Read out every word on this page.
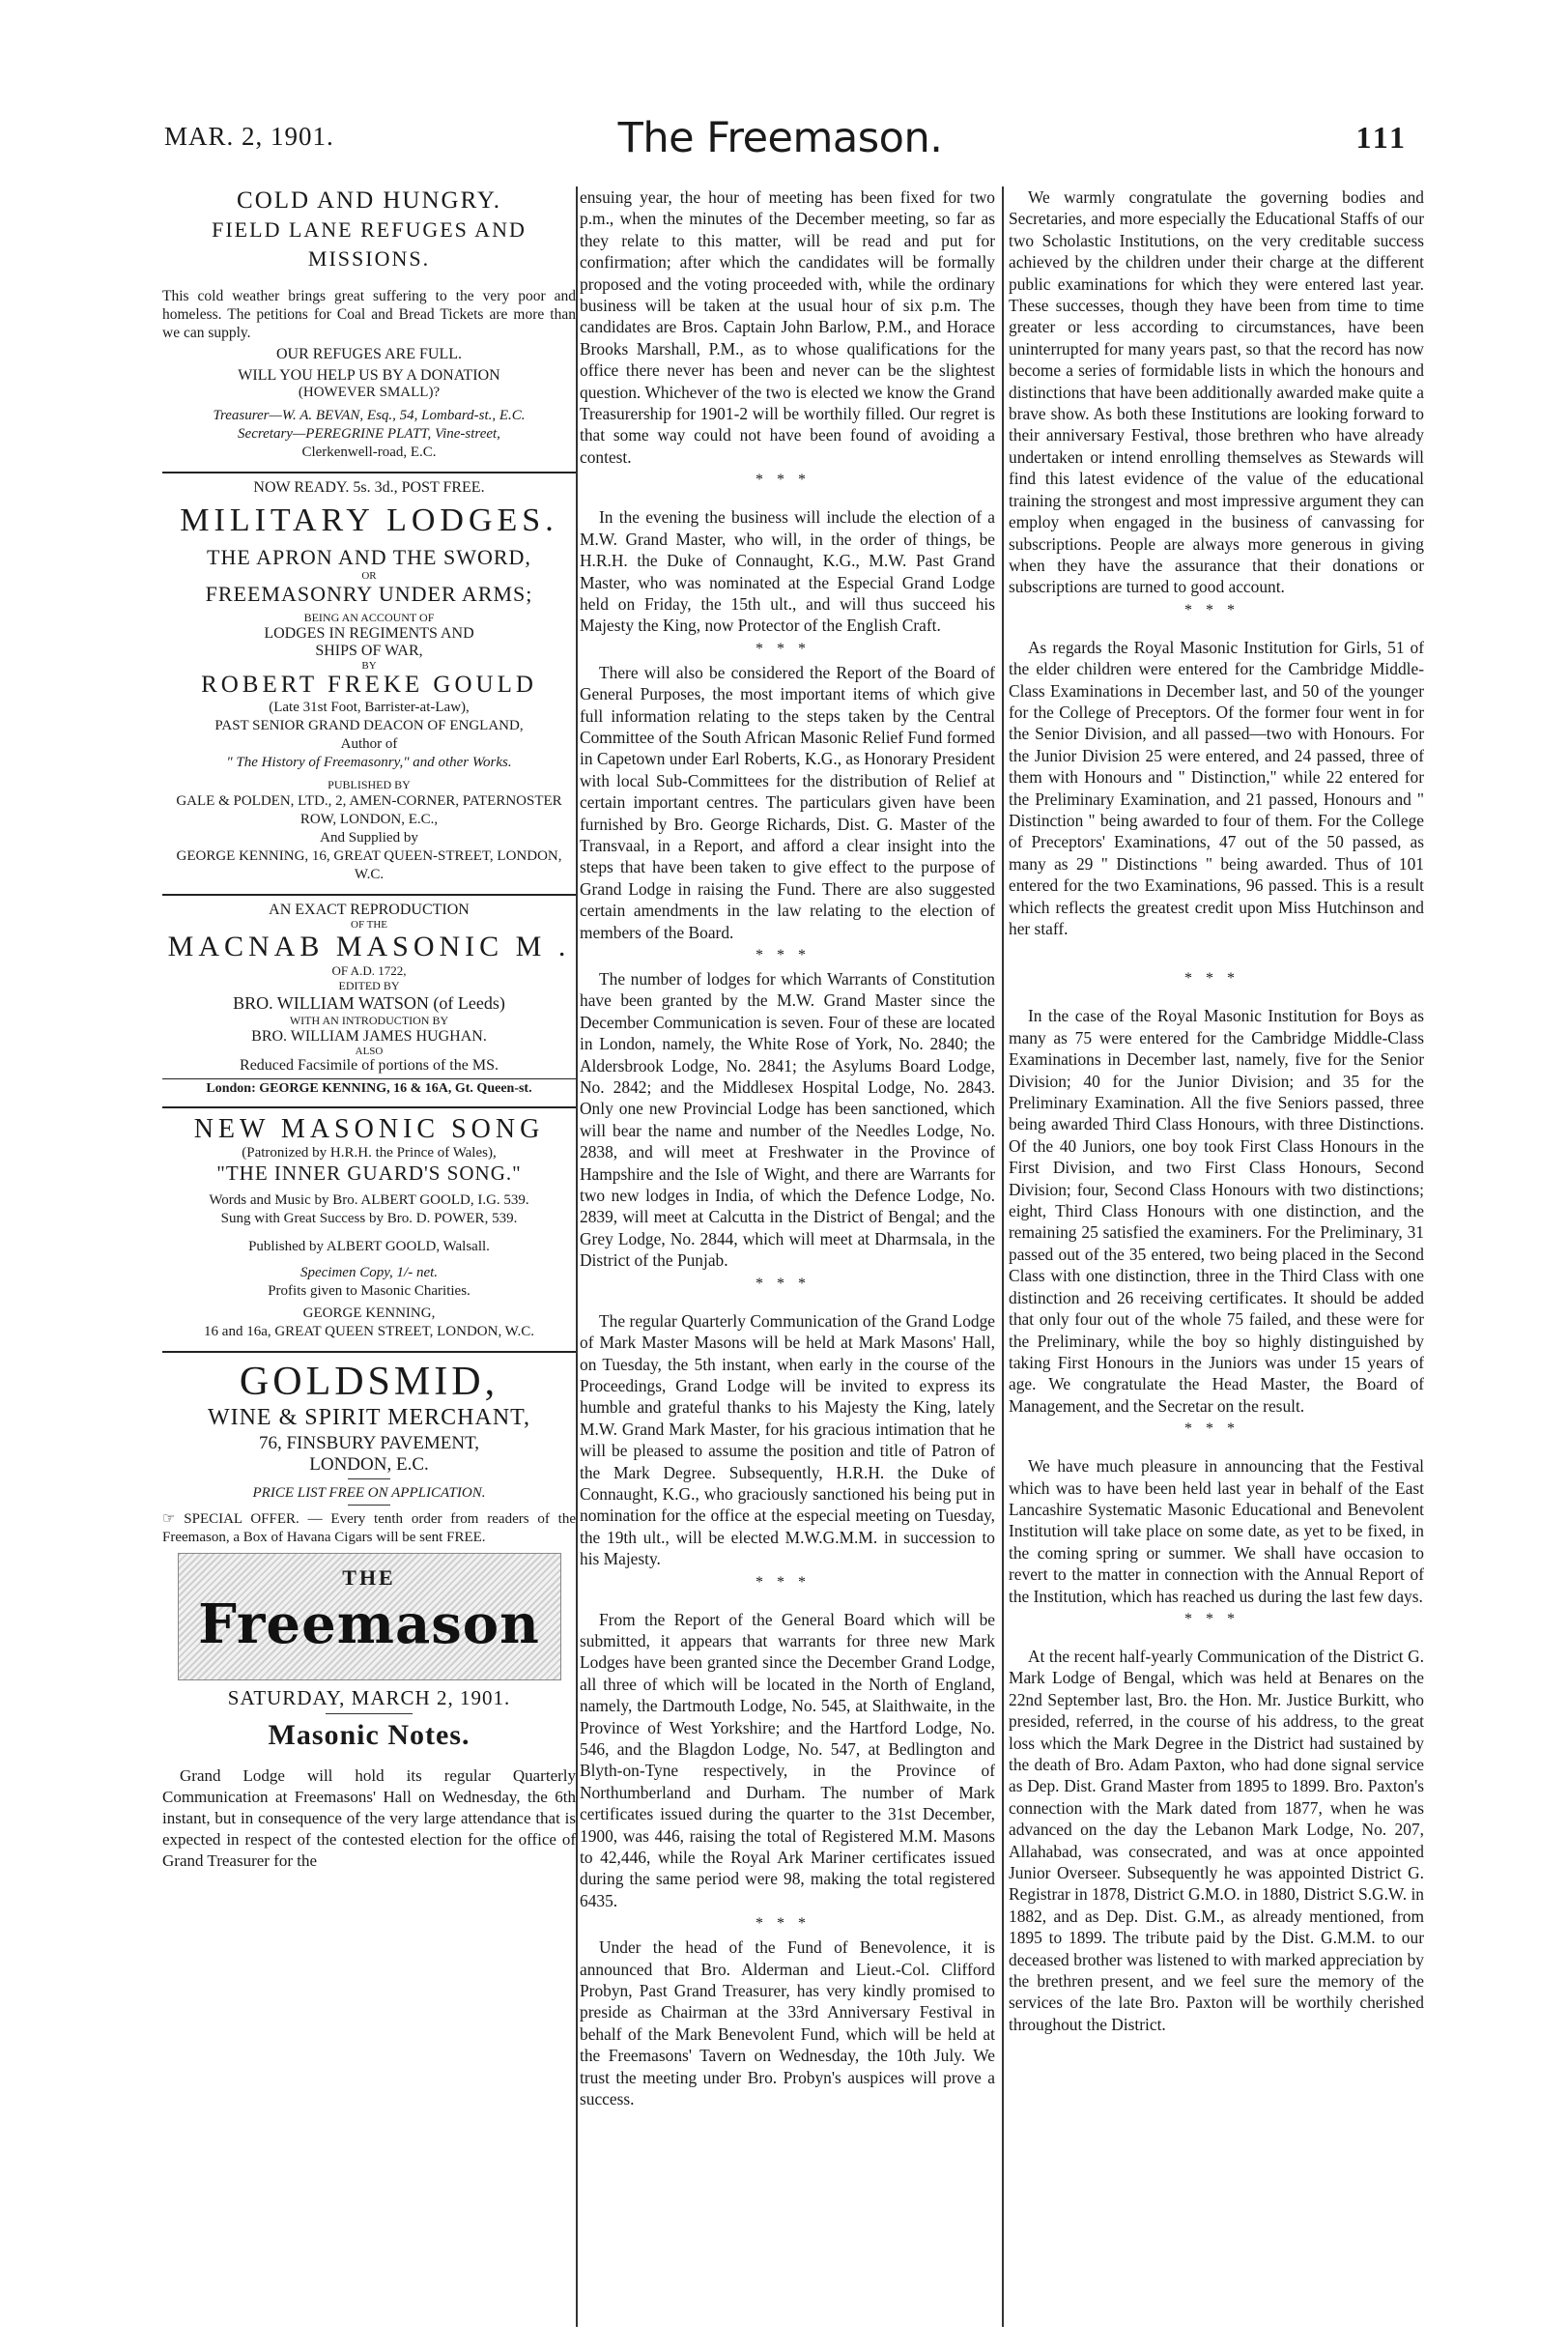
MAR. 2, 1901.	The Freemason.	111
COLD AND HUNGRY.
FIELD LANE REFUGES AND MISSIONS.

This cold weather brings great suffering to the very poor and homeless. The petitions for Coal and Bread Tickets are more than we can supply.

OUR REFUGES ARE FULL.
WILL YOU HELP US BY A DONATION
(HOWEVER SMALL)?
Treasurer—W. A. BEVAN, Esq., 54, Lombard-st., E.C.
Secretary—PEREGRINE PLATT, Vine-street,
Clerkenwell-road, E.C.
NOW READY. 5s. 3d., POST FREE.
MILITARY LODGES.
THE APRON AND THE SWORD,
OR
FREEMASONRY UNDER ARMS;
BEING AN ACCOUNT OF
LODGES IN REGIMENTS AND
SHIPS OF WAR,
BY
ROBERT FREKE GOULD
(Late 31st Foot, Barrister-at-Law),
PAST SENIOR GRAND DEACON OF ENGLAND,
Author of
" The History of Freemasonry," and other Works.
PUBLISHED BY
GALE & POLDEN, LTD., 2, AMEN-CORNER, PATERNOSTER ROW, LONDON, E.C.,
And Supplied by
GEORGE KENNING, 16, GREAT QUEEN-STREET, LONDON, W.C.
AN EXACT REPRODUCTION
OF THE
MACNAB MASONIC M .
OF A.D. 1722,
EDITED BY
BRO. WILLIAM WATSON (of Leeds)
WITH AN INTRODUCTION BY
BRO. WILLIAM JAMES HUGHAN.
ALSO
Reduced Facsimile of portions of the MS.
London: GEORGE KENNING, 16 & 16A, Gt. Queen-st.
NEW MASONIC SONG
(Patronized by H.R.H. the Prince of Wales),
"THE INNER GUARD'S SONG."
Words and Music by Bro. ALBERT GOOLD, I.G. 539.
Sung with Great Success by Bro. D. POWER, 539.
Published by ALBERT GOOLD, Walsall.
Specimen Copy, 1/- net.
Profits given to Masonic Charities.
GEORGE KENNING,
16 and 16a, GREAT QUEEN STREET, LONDON, W.C.
GOLDSMID,
WINE & SPIRIT MERCHANT,
76, FINSBURY PAVEMENT,
LONDON, E.C.
PRICE LIST FREE ON APPLICATION.
☞ SPECIAL OFFER. — Every tenth order from readers of the Freemason, a Box of Havana Cigars will be sent FREE.
THE
Freemason
SATURDAY, MARCH 2, 1901.
Masonic Notes.

Grand Lodge will hold its regular Quarterly Communication at Freemasons' Hall on Wednesday, the 6th instant, but in consequence of the very large attendance that is expected in respect of the contested election for the office of Grand Treasurer for the

ensuing year, the hour of meeting has been fixed for two p.m., when the minutes of the December meeting, so far as they relate to this matter, will be read and put for confirmation; after which the candidates will be formally proposed and the voting proceeded with, while the ordinary business will be taken at the usual hour of six p.m. The candidates are Bros. Captain John Barlow, P.M., and Horace Brooks Marshall, P.M., as to whose qualifications for the office there never has been and never can be the slightest question. Whichever of the two is elected we know the Grand Treasurership for 1901-2 will be worthily filled. Our regret is that some way could not have been found of avoiding a contest.

***

In the evening the business will include the election of a M.W. Grand Master, who will, in the order of things, be H.R.H. the Duke of Connaught, K.G., M.W. Past Grand Master, who was nominated at the Especial Grand Lodge held on Friday, the 15th ult., and will thus succeed his Majesty the King, now Protector of the English Craft.

***

There will also be considered the Report of the Board of General Purposes, the most important items of which give full information relating to the steps taken by the Central Committee of the South African Masonic Relief Fund formed in Capetown under Earl Roberts, K.G., as Honorary President with local Sub-Committees for the distribution of Relief at certain important centres. The particulars given have been furnished by Bro. George Richards, Dist. G. Master of the Transvaal, in a Report, and afford a clear insight into the steps that have been taken to give effect to the purpose of Grand Lodge in raising the Fund. There are also suggested certain amendments in the law relating to the election of members of the Board.

***

The number of lodges for which Warrants of Constitution have been granted by the M.W. Grand Master since the December Communication is seven. Four of these are located in London, namely, the White Rose of York, No. 2840; the Aldersbrook Lodge, No. 2841; the Asylums Board Lodge, No. 2842; and the Middlesex Hospital Lodge, No. 2843. Only one new Provincial Lodge has been sanctioned, which will bear the name and number of the Needles Lodge, No. 2838, and will meet at Freshwater in the Province of Hampshire and the Isle of Wight, and there are Warrants for two new lodges in India, of which the Defence Lodge, No. 2839, will meet at Calcutta in the District of Bengal; and the Grey Lodge, No. 2844, which will meet at Dharmsala, in the District of the Punjab.

***

The regular Quarterly Communication of the Grand Lodge of Mark Master Masons will be held at Mark Masons' Hall, on Tuesday, the 5th instant, when early in the course of the Proceedings, Grand Lodge will be invited to express its humble and grateful thanks to his Majesty the King, lately M.W. Grand Mark Master, for his gracious intimation that he will be pleased to assume the position and title of Patron of the Mark Degree. Subsequently, H.R.H. the Duke of Connaught, K.G., who graciously sanctioned his being put in nomination for the office at the especial meeting on Tuesday, the 19th ult., will be elected M.W.G.M.M. in succession to his Majesty.

***

From the Report of the General Board which will be submitted, it appears that warrants for three new Mark Lodges have been granted since the December Grand Lodge, all three of which will be located in the North of England, namely, the Dartmouth Lodge, No. 545, at Slaithwaite, in the Province of West Yorkshire; and the Hartford Lodge, No. 546, and the Blagdon Lodge, No. 547, at Bedlington and Blyth-on-Tyne respectively, in the Province of Northumberland and Durham. The number of Mark certificates issued during the quarter to the 31st December, 1900, was 446, raising the total of Registered M.M. Masons to 42,446, while the Royal Ark Mariner certificates issued during the same period were 98, making the total registered 6435.

***

Under the head of the Fund of Benevolence, it is announced that Bro. Alderman and Lieut.-Col. Clifford Probyn, Past Grand Treasurer, has very kindly promised to preside as Chairman at the 33rd Anniversary Festival in behalf of the Mark Benevolent Fund, which will be held at the Freemasons' Tavern on Wednesday, the 10th July. We trust the meeting under Bro. Probyn's auspices will prove a success.

We warmly congratulate the governing bodies and Secretaries, and more especially the Educational Staffs of our two Scholastic Institutions, on the very creditable success achieved by the children under their charge at the different public examinations for which they were entered last year. These successes, though they have been from time to time greater or less according to circumstances, have been uninterrupted for many years past, so that the record has now become a series of formidable lists in which the honours and distinctions that have been additionally awarded make quite a brave show. As both these Institutions are looking forward to their anniversary Festival, those brethren who have already undertaken or intend enrolling themselves as Stewards will find this latest evidence of the value of the educational training the strongest and most impressive argument they can employ when engaged in the business of canvassing for subscriptions. People are always more generous in giving when they have the assurance that their donations or subscriptions are turned to good account.

***

As regards the Royal Masonic Institution for Girls, 51 of the elder children were entered for the Cambridge Middle-Class Examinations in December last, and 50 of the younger for the College of Preceptors. Of the former four went in for the Senior Division, and all passed—two with Honours. For the Junior Division 25 were entered, and 24 passed, three of them with Honours and " Distinction," while 22 entered for the Preliminary Examination, and 21 passed, Honours and " Distinction " being awarded to four of them. For the College of Preceptors' Examinations, 47 out of the 50 passed, as many as 29 " Distinctions " being awarded. Thus of 101 entered for the two Examinations, 96 passed. This is a result which reflects the greatest credit upon Miss Hutchinson and her staff.

***

In the case of the Royal Masonic Institution for Boys as many as 75 were entered for the Cambridge Middle-Class Examinations in December last, namely, five for the Senior Division; 40 for the Junior Division; and 35 for the Preliminary Examination. All the five Seniors passed, three being awarded Third Class Honours, with three Distinctions. Of the 40 Juniors, one boy took First Class Honours in the First Division, and two First Class Honours, Second Division; four, Second Class Honours with two distinctions; eight, Third Class Honours with one distinction, and the remaining 25 satisfied the examiners. For the Preliminary, 31 passed out of the 35 entered, two being placed in the Second Class with one distinction, three in the Third Class with one distinction and 26 receiving certificates. It should be added that only four out of the whole 75 failed, and these were for the Preliminary, while the boy so highly distinguished by taking First Honours in the Juniors was under 15 years of age. We congratulate the Head Master, the Board of Management, and the Secretar on the result.

***

We have much pleasure in announcing that the Festival which was to have been held last year in behalf of the East Lancashire Systematic Masonic Educational and Benevolent Institution will take place on some date, as yet to be fixed, in the coming spring or summer. We shall have occasion to revert to the matter in connection with the Annual Report of the Institution, which has reached us during the last few days.

***

At the recent half-yearly Communication of the District G. Mark Lodge of Bengal, which was held at Benares on the 22nd September last, Bro. the Hon. Mr. Justice Burkitt, who presided, referred, in the course of his address, to the great loss which the Mark Degree in the District had sustained by the death of Bro. Adam Paxton, who had done signal service as Dep. Dist. Grand Master from 1895 to 1899. Bro. Paxton's connection with the Mark dated from 1877, when he was advanced on the day the Lebanon Mark Lodge, No. 207, Allahabad, was consecrated, and was at once appointed Junior Overseer. Subsequently he was appointed District G. Registrar in 1878, District G.M.O. in 1880, District S.G.W. in 1882, and as Dep. Dist. G.M., as already mentioned, from 1895 to 1899. The tribute paid by the Dist. G.M.M. to our deceased brother was listened to with marked appreciation by the brethren present, and we feel sure the memory of the services of the late Bro. Paxton will be worthily cherished throughout the District.
